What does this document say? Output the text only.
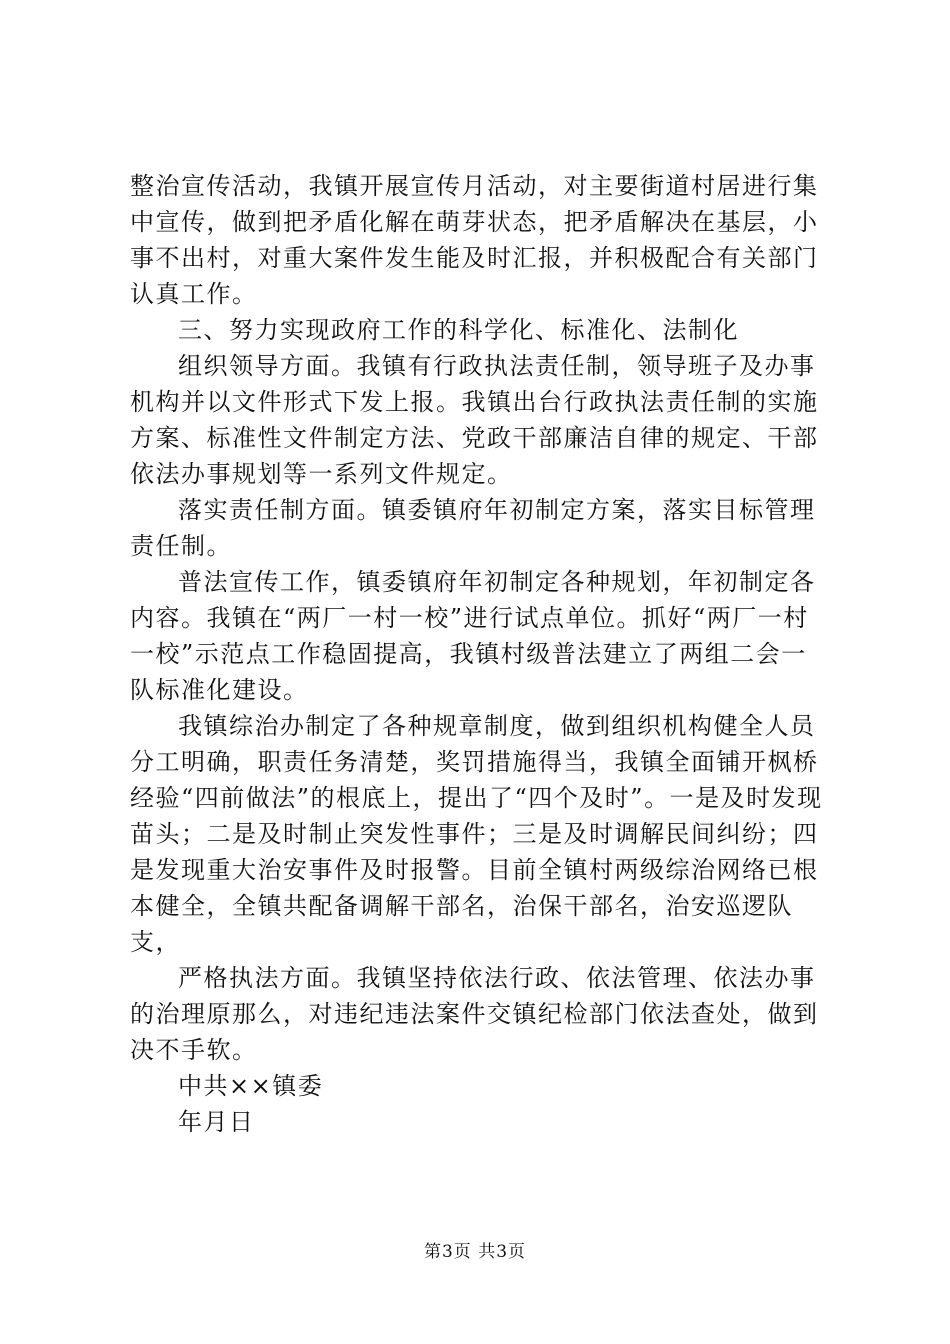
整治宣传活动，我镇开展宣传月活动，对主要街道村居进行集中宣传，做到把矛盾化解在萌芽状态，把矛盾解决在基层，小事不出村，对重大案件发生能及时汇报，并积极配合有关部门认真工作。

三、努力实现政府工作的科学化、标准化、法制化

组织领导方面。我镇有行政执法责任制，领导班子及办事机构并以文件形式下发上报。我镇出台行政执法责任制的实施方案、标准性文件制定方法、党政干部廉洁自律的规定、干部依法办事规划等一系列文件规定。

落实责任制方面。镇委镇府年初制定方案，落实目标管理责任制。

普法宣传工作，镇委镇府年初制定各种规划，年初制定各内容。我镇在“两厂一村一校”进行试点单位。抓好“两厂一村一校”示范点工作稳固提高，我镇村级普法建立了两组二会一队标准化建设。

我镇综治办制定了各种规章制度，做到组织机构健全人员分工明确，职责任务清楚，奖罚措施得当，我镇全面铺开枫桥经验“四前做法”的根底上，提出了“四个及时”。一是及时发现苗头；二是及时制止突发性事件；三是及时调解民间纠纷；四是发现重大治安事件及时报警。目前全镇村两级综治网络已根本健全，全镇共配备调解干部名，治保干部名，治安巡逻队支，

严格执法方面。我镇坚持依法行政、依法管理、依法办事的治理原那么，对违纪违法案件交镇纪检部门依法查处，做到决不手软。

中共××镇委

年月日

第3页 共3页
